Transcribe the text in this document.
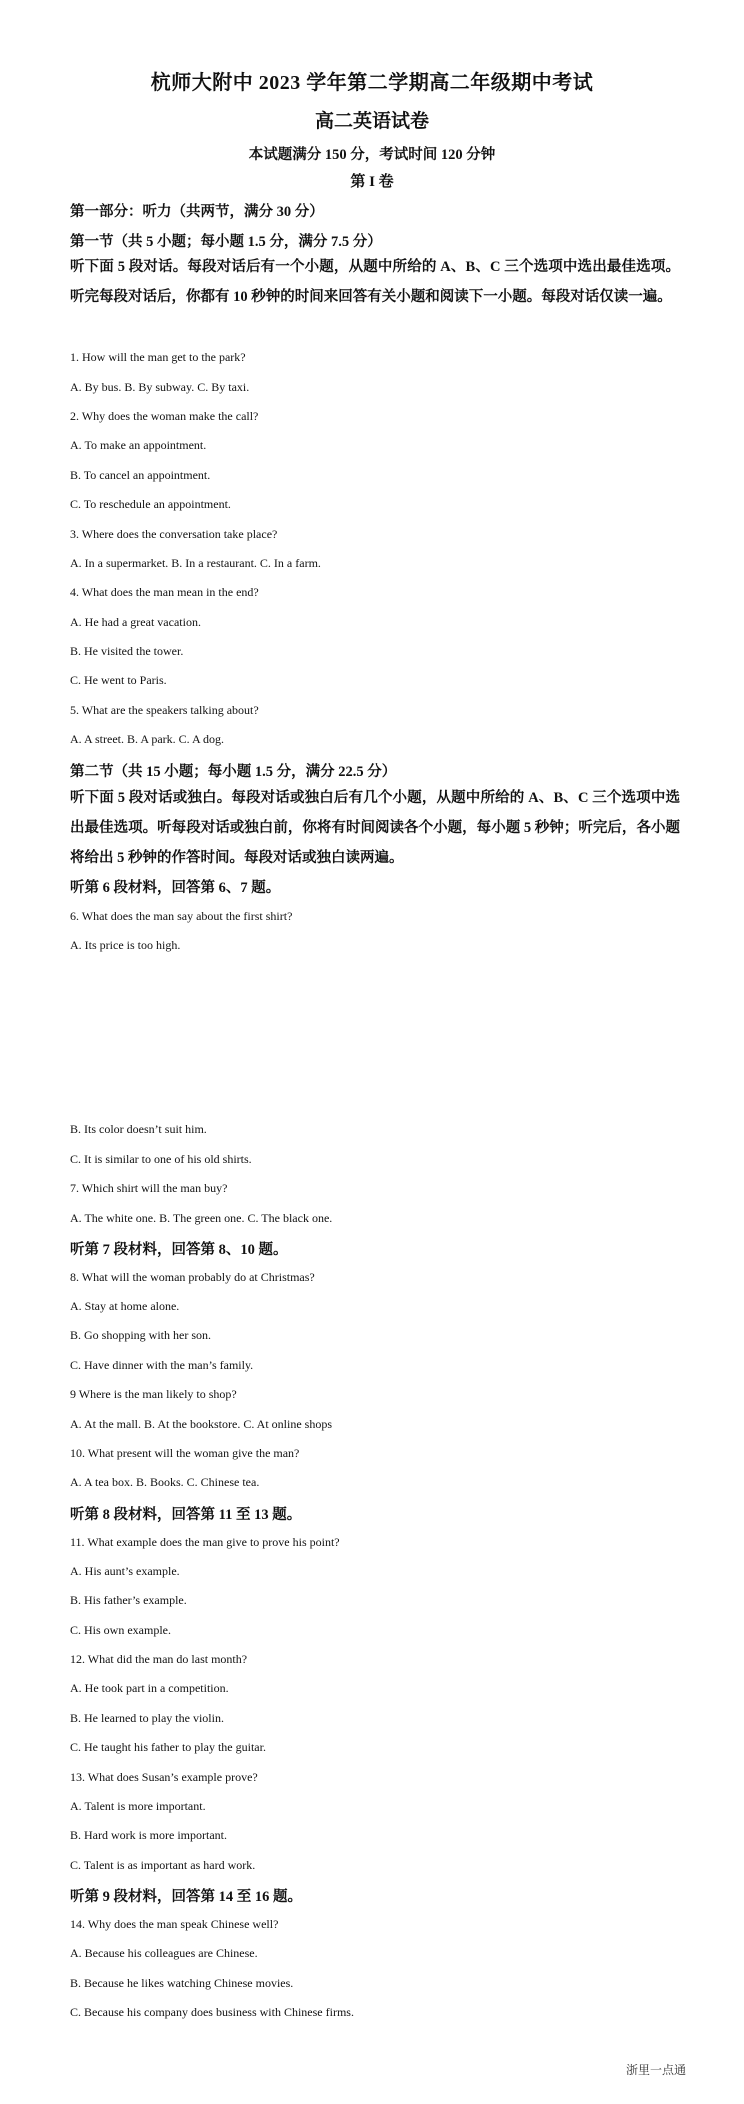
杭师大附中 2023 学年第二学期高二年级期中考试
高二英语试卷
本试题满分 150 分，考试时间 120 分钟
第 I 卷
第一部分：听力（共两节，满分 30 分）
第一节（共 5 小题；每小题 1.5 分，满分 7.5 分）
听下面 5 段对话。每段对话后有一个小题，从题中所给的 A、B、C 三个选项中选出最佳选项。听完每段对话后，你都有 10 秒钟的时间来回答有关小题和阅读下一小题。每段对话仅读一遍。
1. How will the man get to the park?
A. By bus. B. By subway. C. By taxi.
2. Why does the woman make the call?
A. To make an appointment.
B. To cancel an appointment.
C. To reschedule an appointment.
3. Where does the conversation take place?
A. In a supermarket. B. In a restaurant. C. In a farm.
4. What does the man mean in the end?
A. He had a great vacation.
B. He visited the tower.
C. He went to Paris.
5. What are the speakers talking about?
A. A street. B. A park. C. A dog.
第二节（共 15 小题；每小题 1.5 分，满分 22.5 分）
听下面 5 段对话或独白。每段对话或独白后有几个小题，从题中所给的 A、B、C 三个选项中选出最佳选项。听每段对话或独白前，你将有时间阅读各个小题，每小题 5 秒钟；听完后，各小题将给出 5 秒钟的作答时间。每段对话或独白读两遍。
听第 6 段材料，回答第 6、7 题。
6. What does the man say about the first shirt?
A. Its price is too high.
B. Its color doesn’t suit him.
C. It is similar to one of his old shirts.
7. Which shirt will the man buy?
A. The white one. B. The green one. C. The black one.
听第 7 段材料，回答第 8、10 题。
8. What will the woman probably do at Christmas?
A. Stay at home alone.
B. Go shopping with her son.
C. Have dinner with the man’s family.
9 Where is the man likely to shop?
A. At the mall. B. At the bookstore. C. At online shops
10. What present will the woman give the man?
A. A tea box. B. Books. C. Chinese tea.
听第 8 段材料，回答第 11 至 13 题。
11. What example does the man give to prove his point?
A. His aunt’s example.
B. His father’s example.
C. His own example.
12. What did the man do last month?
A. He took part in a competition.
B. He learned to play the violin.
C. He taught his father to play the guitar.
13. What does Susan’s example prove?
A. Talent is more important.
B. Hard work is more important.
C. Talent is as important as hard work.
听第 9 段材料，回答第 14 至 16 题。
14. Why does the man speak Chinese well?
A. Because his colleagues are Chinese.
B. Because he likes watching Chinese movies.
C. Because his company does business with Chinese firms.
浙里一点通
